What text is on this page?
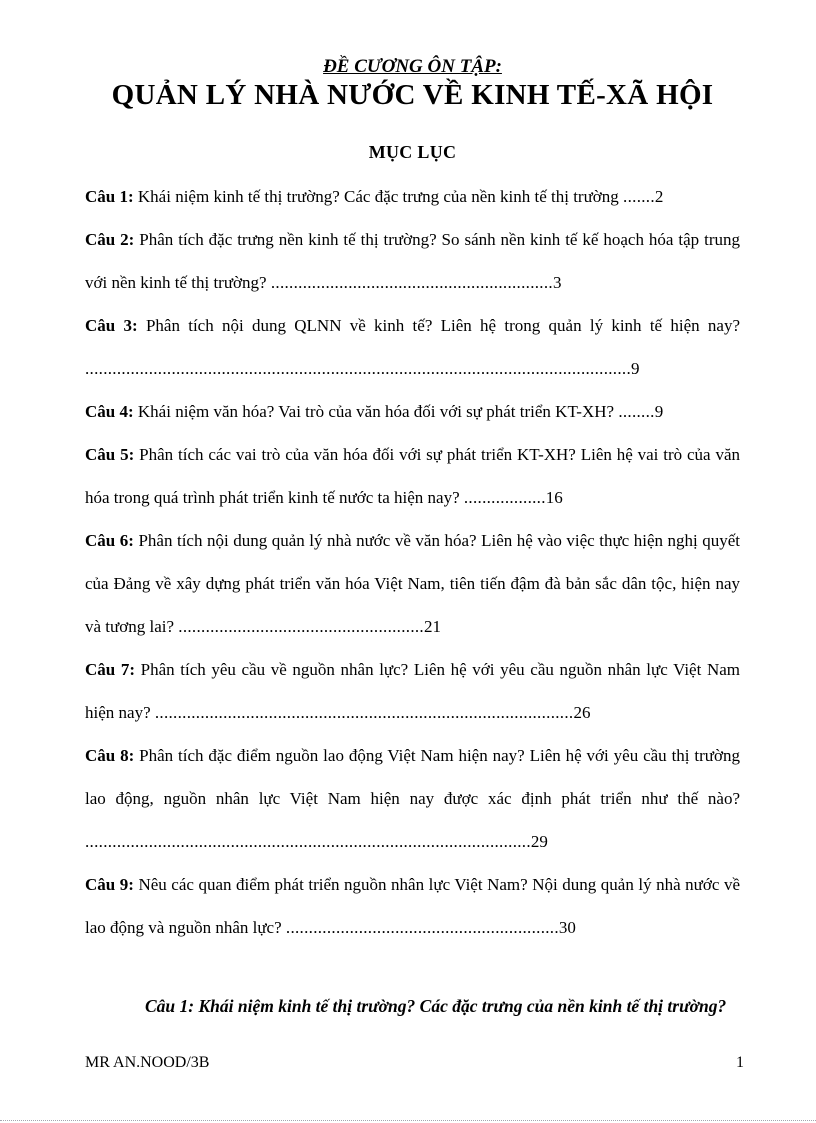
ĐỀ CƯƠNG ÔN TẬP:
QUẢN LÝ NHÀ NƯỚC VỀ KINH TẾ-XÃ HỘI
MỤC LỤC

Câu 1: Khái niệm kinh tế thị trường? Các đặc trưng của nền kinh tế thị trường .......2

Câu 2: Phân tích đặc trưng nền kinh tế thị trường? So sánh nền kinh tế kế hoạch hóa tập trung với nền kinh tế thị trường? ..............................................................3

Câu 3: Phân tích nội dung QLNN về kinh tế? Liên hệ trong quản lý kinh tế hiện nay? ........................................................................................................................9

Câu 4: Khái niệm văn hóa? Vai trò của văn hóa đối với sự phát triển KT-XH? ........9

Câu 5: Phân tích các vai trò của văn hóa đối với sự phát triển KT-XH? Liên hệ vai trò của văn hóa trong quá trình phát triển kinh tế nước ta hiện nay? ..................16

Câu 6: Phân tích nội dung quản lý nhà nước về văn hóa? Liên hệ vào việc thực hiện nghị quyết của Đảng về xây dựng phát triển văn hóa Việt Nam, tiên tiến đậm đà bản sắc dân tộc, hiện nay và tương lai? ......................................................21

Câu 7: Phân tích yêu cầu về nguồn nhân lực? Liên hệ với yêu cầu nguồn nhân lực Việt Nam hiện nay? ............................................................................................26

Câu 8: Phân tích đặc điểm nguồn lao động Việt Nam hiện nay? Liên hệ với yêu cầu thị trường lao động, nguồn nhân lực Việt Nam hiện nay được xác định phát triển như thế nào? ..................................................................................................29

Câu 9: Nêu các quan điểm phát triển nguồn nhân lực Việt Nam? Nội dung quản lý nhà nước về lao động và nguồn nhân lực? ............................................................30

Câu 1: Khái niệm kinh tế thị trường? Các đặc trưng của nền kinh tế thị trường?

MR AN.NOOD/3B	1
